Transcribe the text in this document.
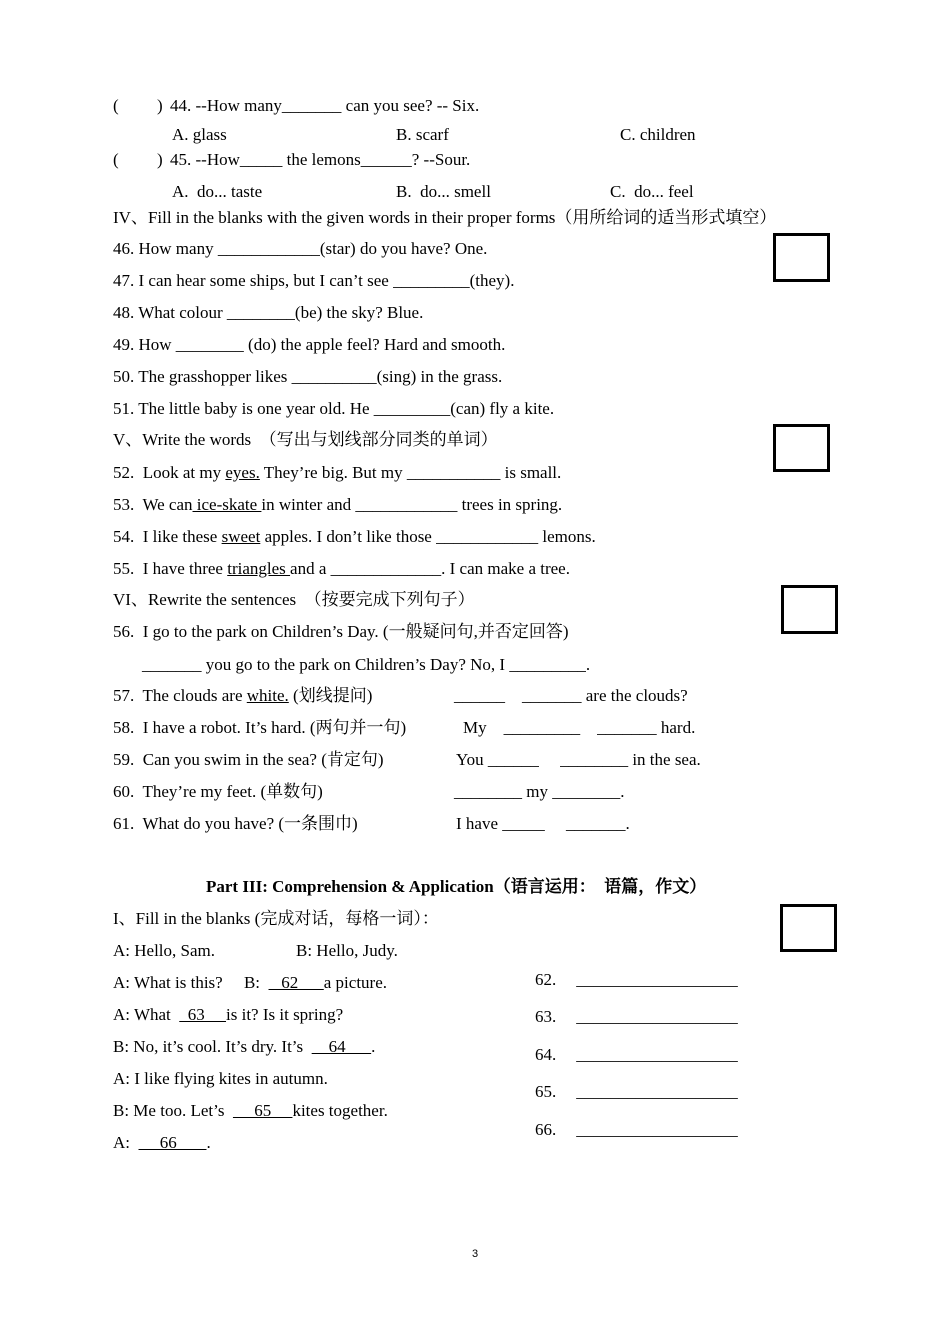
( ) 44. --How many_______ can you see? -- Six.
A. glass	B. scarf	C. children
( ) 45. --How_____ the lemons______? --Sour.
A.  do... taste	B.  do... smell	C.  do... feel
IV、Fill in the blanks with the given words in their proper forms（用所给词的适当形式填空）
46. How many ____________(star) do you have? One.
47. I can hear some ships, but I can’t see _________(they).
48. What colour ________(be) the sky? Blue.
49. How ________ (do) the apple feel? Hard and smooth.
50. The grasshopper likes __________(sing) in the grass.
51. The little baby is one year old. He _________(can) fly a kite.
V、Write the words  （写出与划线部分同类的单词）
52.  Look at my eyes. They’re big. But my ___________ is small.
53.  We can ice-skate in winter and ____________ trees in spring.
54.  I like these sweet apples. I don’t like those ____________ lemons.
55.  I have three triangles and a _____________. I can make a tree.
VI、Rewrite the sentences  （按要完成下列句子）
56.  I go to the park on Children’s Day. (一般疑问句,并否定回答)
_______ you go to the park on Children’s Day? No, I _________.
57.  The clouds are white. (划线提问)	______    _______ are the clouds?
58.  I have a robot. It’s hard. (两句并一句)	My    _________    _______ hard.
59.  Can you swim in the sea? (肯定句)	You ______     ________ in the sea.
60.  They’re my feet. (单数句)	________ my ________.
61.  What do you have? (一条围巾)	I have _____     _______.
Part III: Comprehension & Application（语言运用：  语篇，作文）
I、Fill in the blanks (完成对话，每格一词）：
A: Hello, Sam.	B: Hello, Judy.
A: What is this?     B:     62      a picture.
A: What    63     is it? Is it spring?
B: No, it’s cool. It’s dry. It’s      64      .
A: I like flying kites in autumn.
B: Me too. Let’s       65     kites together.
A:       66       .
62. ___________________
63. ___________________
64. ___________________
65. ___________________
66. ___________________
3
